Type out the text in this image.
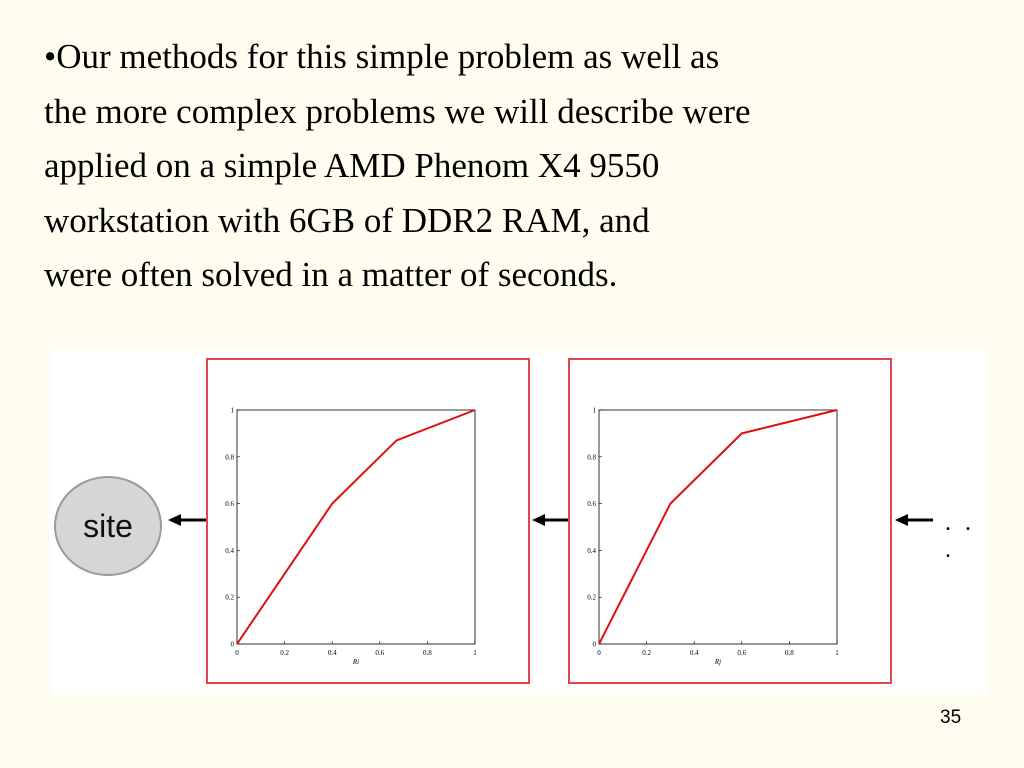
•Our methods for this simple problem as well as
the more complex problems we will describe were
applied on a simple AMD Phenom X4 9550
workstation with 6GB of DDR2 RAM, and
were often solved in a matter of seconds.
site
0	0.2	0.4	0.6	0.8	1
0
0.2
0.4
0.6
0.8
1
Ri
0	0.2	0.4	0.6	0.8	1
0
0.2
0.4
0.6
0.8
1
Rj
. . .
35
